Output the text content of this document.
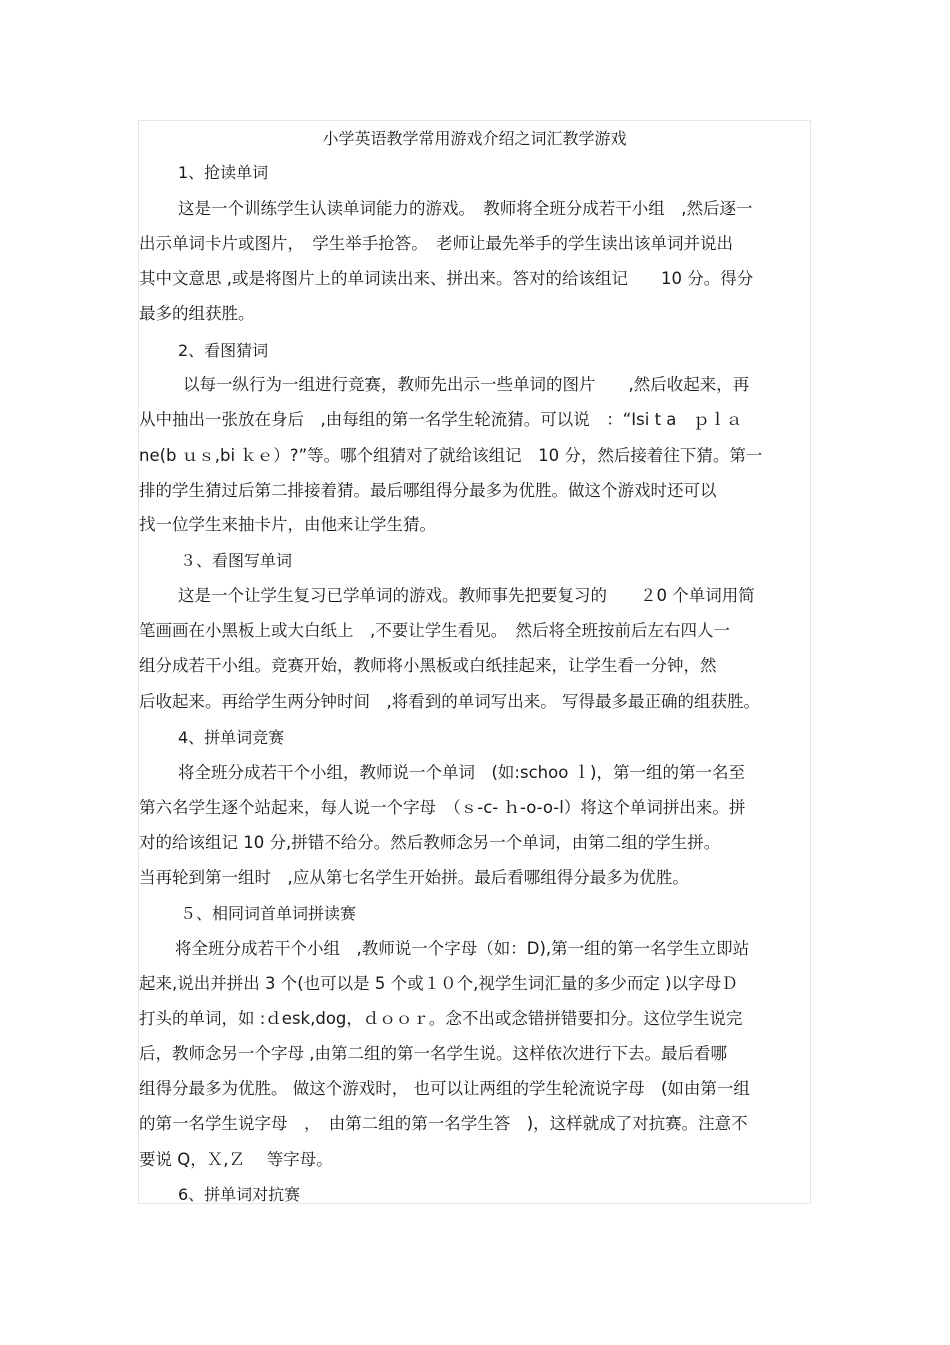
小学英语教学常用游戏介绍之词汇教学游戏
1、抢读单词
这是一个训练学生认读单词能力的游戏。　教师将全班分成若干小组　,然后逐一
出示单词卡片或图片，　学生举手抢答。　老师让最先举手的学生读出该单词并说出
其中文意思 ,或是将图片上的单词读出来、拼出来。答对的给该组记　　10 分。得分
最多的组获胜。
2、看图猜词
以每一纵行为一组进行竞赛，教师先出示一些单词的图片　　,然后收起来，再
从中抽出一张放在身后　,由每组的第一名学生轮流猜。可以说　：“Isi t a　ｐｌａ
ne(b ｕｓ,bi ｋｅ）?”等。哪个组猜对了就给该组记　10 分，然后接着往下猜。第一
排的学生猜过后第二排接着猜。最后哪组得分最多为优胜。做这个游戏时还可以
找一位学生来抽卡片，由他来让学生猜。
３、看图写单词
这是一个让学生复习已学单词的游戏。教师事先把要复习的　　２0 个单词用简
笔画画在小黑板上或大白纸上　,不要让学生看见。　然后将全班按前后左右四人一
组分成若干小组。竞赛开始，教师将小黑板或白纸挂起来，让学生看一分钟，然
后收起来。再给学生两分钟时间　,将看到的单词写出来。 写得最多最正确的组获胜。
4、拼单词竞赛
将全班分成若干个小组，教师说一个单词　(如:schoo ｌ)，第一组的第一名至
第六名学生逐个站起来，每人说一个字母　（ｓ-c- ｈ-o-o-l）将这个单词拼出来。拼
对的给该组记 10 分,拼错不给分。然后教师念另一个单词，由第二组的学生拼。
当再轮到第一组时　,应从第七名学生开始拼。最后看哪组得分最多为优胜。
５、相同词首单词拼读赛
将全班分成若干个小组　,教师说一个字母（如：D),第一组的第一名学生立即站
起来,说出并拼出 3 个(也可以是 5 个或１０个,视学生词汇量的多少而定 )以字母Ｄ
打头的单词，如 :ｄesk,dog，ｄｏｏｒ。念不出或念错拼错要扣分。这位学生说完
后，教师念另一个字母 ,由第二组的第一名学生说。这样依次进行下去。最后看哪
组得分最多为优胜。 做这个游戏时， 也可以让两组的学生轮流说字母　(如由第一组
的第一名学生说字母　，　由第二组的第一名学生答　)，这样就成了对抗赛。注意不
要说 Q，Ｘ,Ｚ　 等字母。
6、拼单词对抗赛
